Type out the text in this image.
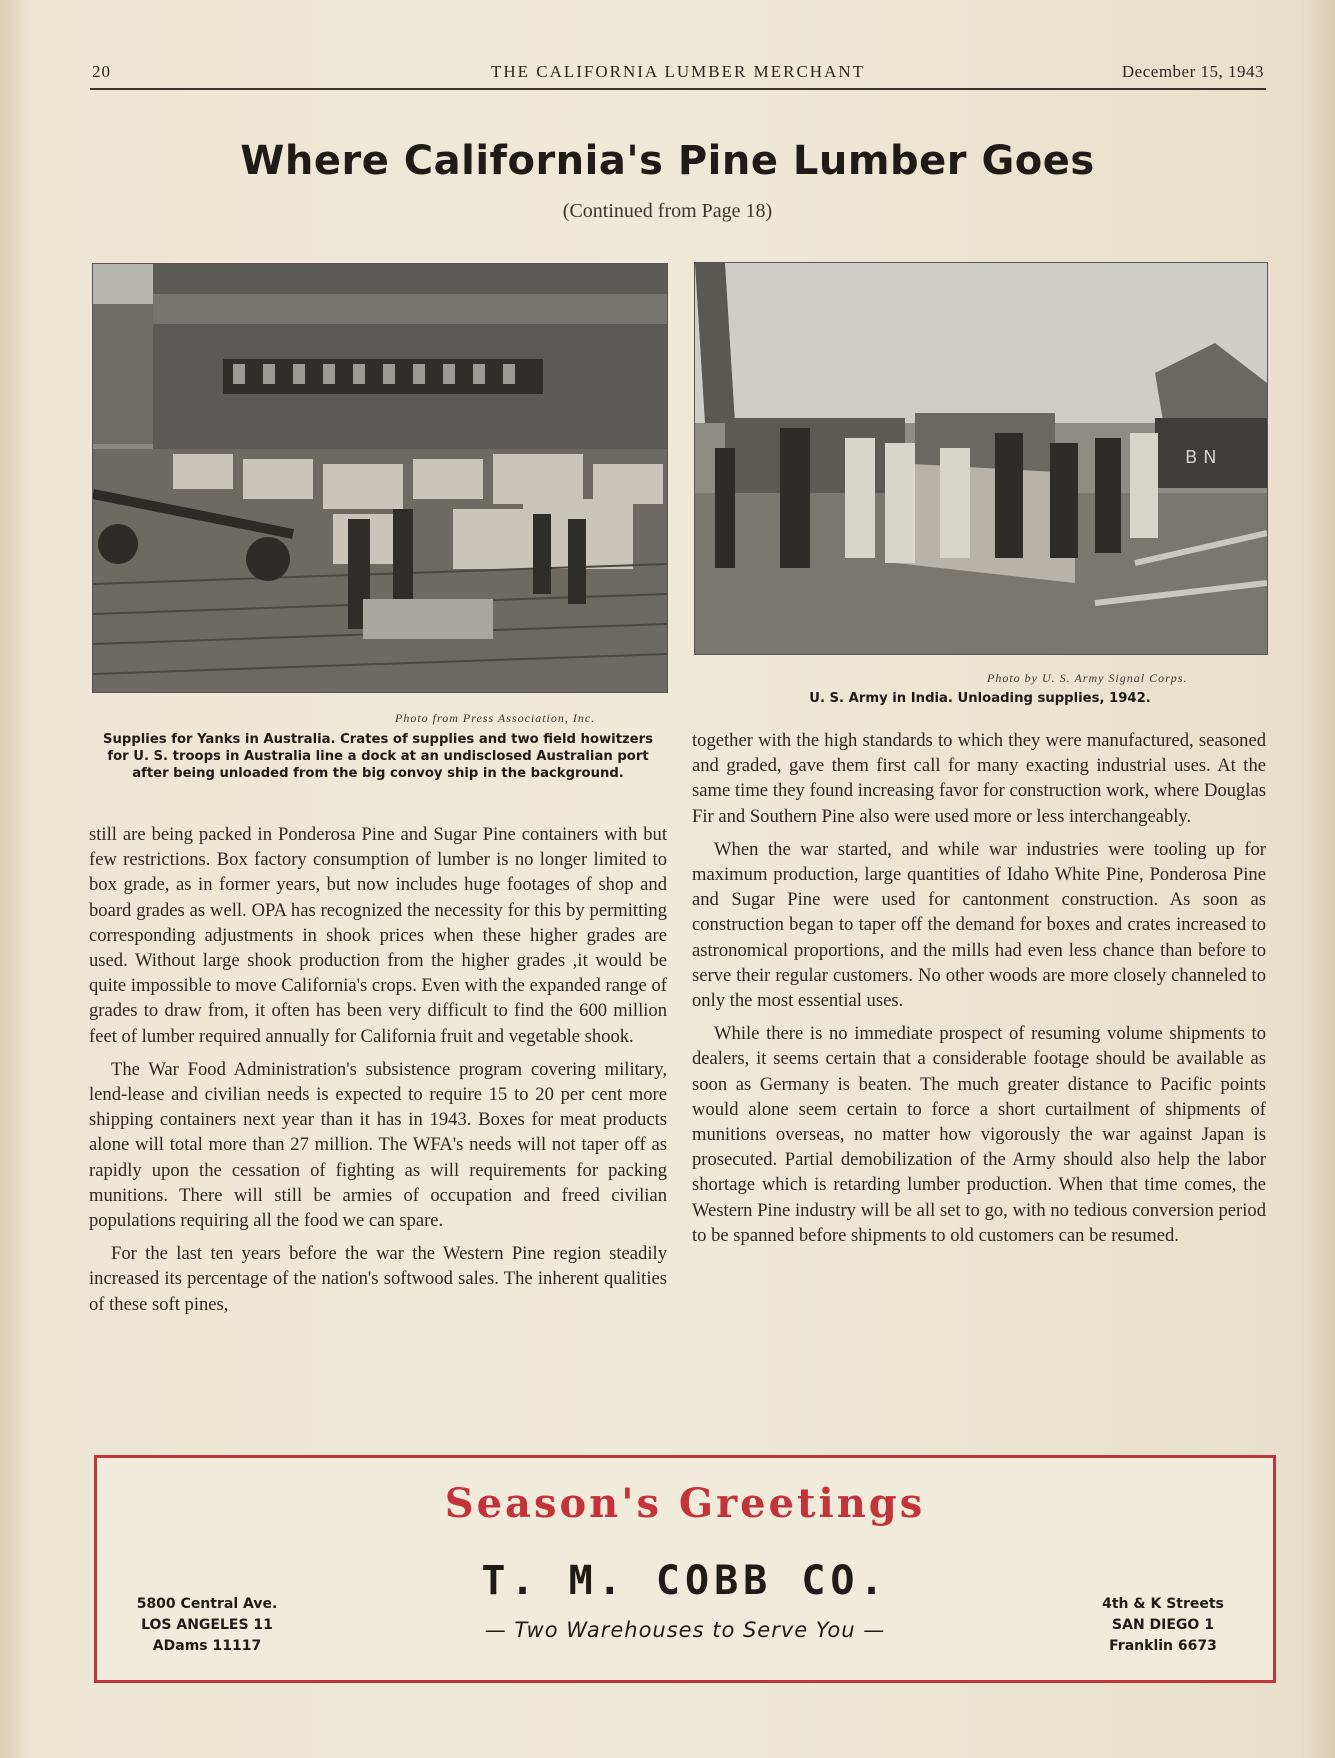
20	THE CALIFORNIA LUMBER MERCHANT	December 15, 1943
Where California's Pine Lumber Goes
(Continued from Page 18)
B N
Photo from Press Association, Inc.
Supplies for Yanks in Australia. Crates of supplies and two field howitzers for U. S. troops in Australia line a dock at an undisclosed Australian port after being unloaded from the big convoy ship in the background.
Photo by U. S. Army Signal Corps.
U. S. Army in India. Unloading supplies, 1942.

still are being packed in Ponderosa Pine and Sugar Pine containers with but few restrictions. Box factory consumption of lumber is no longer limited to box grade, as in former years, but now includes huge footages of shop and board grades as well. OPA has recognized the necessity for this by permitting corresponding adjustments in shook prices when these higher grades are used. Without large shook production from the higher grades ,it would be quite impossible to move California's crops. Even with the expanded range of grades to draw from, it often has been very difficult to find the 600 million feet of lumber required annually for California fruit and vegetable shook.

The War Food Administration's subsistence program covering military, lend-lease and civilian needs is expected to require 15 to 20 per cent more shipping containers next year than it has in 1943. Boxes for meat products alone will total more than 27 million. The WFA's needs will not taper off as rapidly upon the cessation of fighting as will requirements for packing munitions. There will still be armies of occupation and freed civilian populations requiring all the food we can spare.

For the last ten years before the war the Western Pine region steadily increased its percentage of the nation's softwood sales. The inherent qualities of these soft pines,

together with the high standards to which they were manufactured, seasoned and graded, gave them first call for many exacting industrial uses. At the same time they found increasing favor for construction work, where Douglas Fir and Southern Pine also were used more or less interchangeably.

When the war started, and while war industries were tooling up for maximum production, large quantities of Idaho White Pine, Ponderosa Pine and Sugar Pine were used for cantonment construction. As soon as construction began to taper off the demand for boxes and crates increased to astronomical proportions, and the mills had even less chance than before to serve their regular customers. No other woods are more closely channeled to only the most essential uses.

While there is no immediate prospect of resuming volume shipments to dealers, it seems certain that a considerable footage should be available as soon as Germany is beaten. The much greater distance to Pacific points would alone seem certain to force a short curtailment of shipments of munitions overseas, no matter how vigorously the war against Japan is prosecuted. Partial demobilization of the Army should also help the labor shortage which is retarding lumber production. When that time comes, the Western Pine industry will be all set to go, with no tedious conversion period to be spanned before shipments to old customers can be resumed.

Season's Greetings
T. M. COBB CO.
— Two Warehouses to Serve You —
5800 Central Ave.
LOS ANGELES 11
ADams 11117
4th & K Streets
SAN DIEGO 1
Franklin 6673
